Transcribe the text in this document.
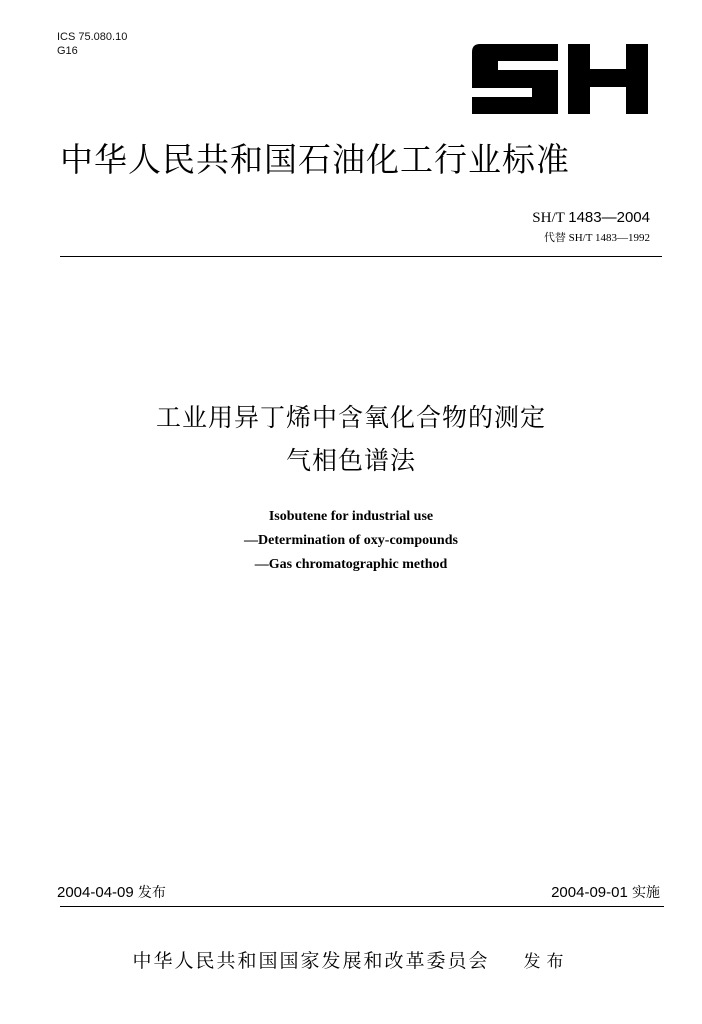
ICS 75.080.10
G16
中华人民共和国石油化工行业标准
SH/T 1483—2004
代替 SH/T 1483—1992
工业用异丁烯中含氧化合物的测定
气相色谱法
Isobutene for industrial use
—Determination of oxy-compounds
—Gas chromatographic method
2004-04-09 发布	2004-09-01 实施
中华人民共和国国家发展和改革委员会 发布
